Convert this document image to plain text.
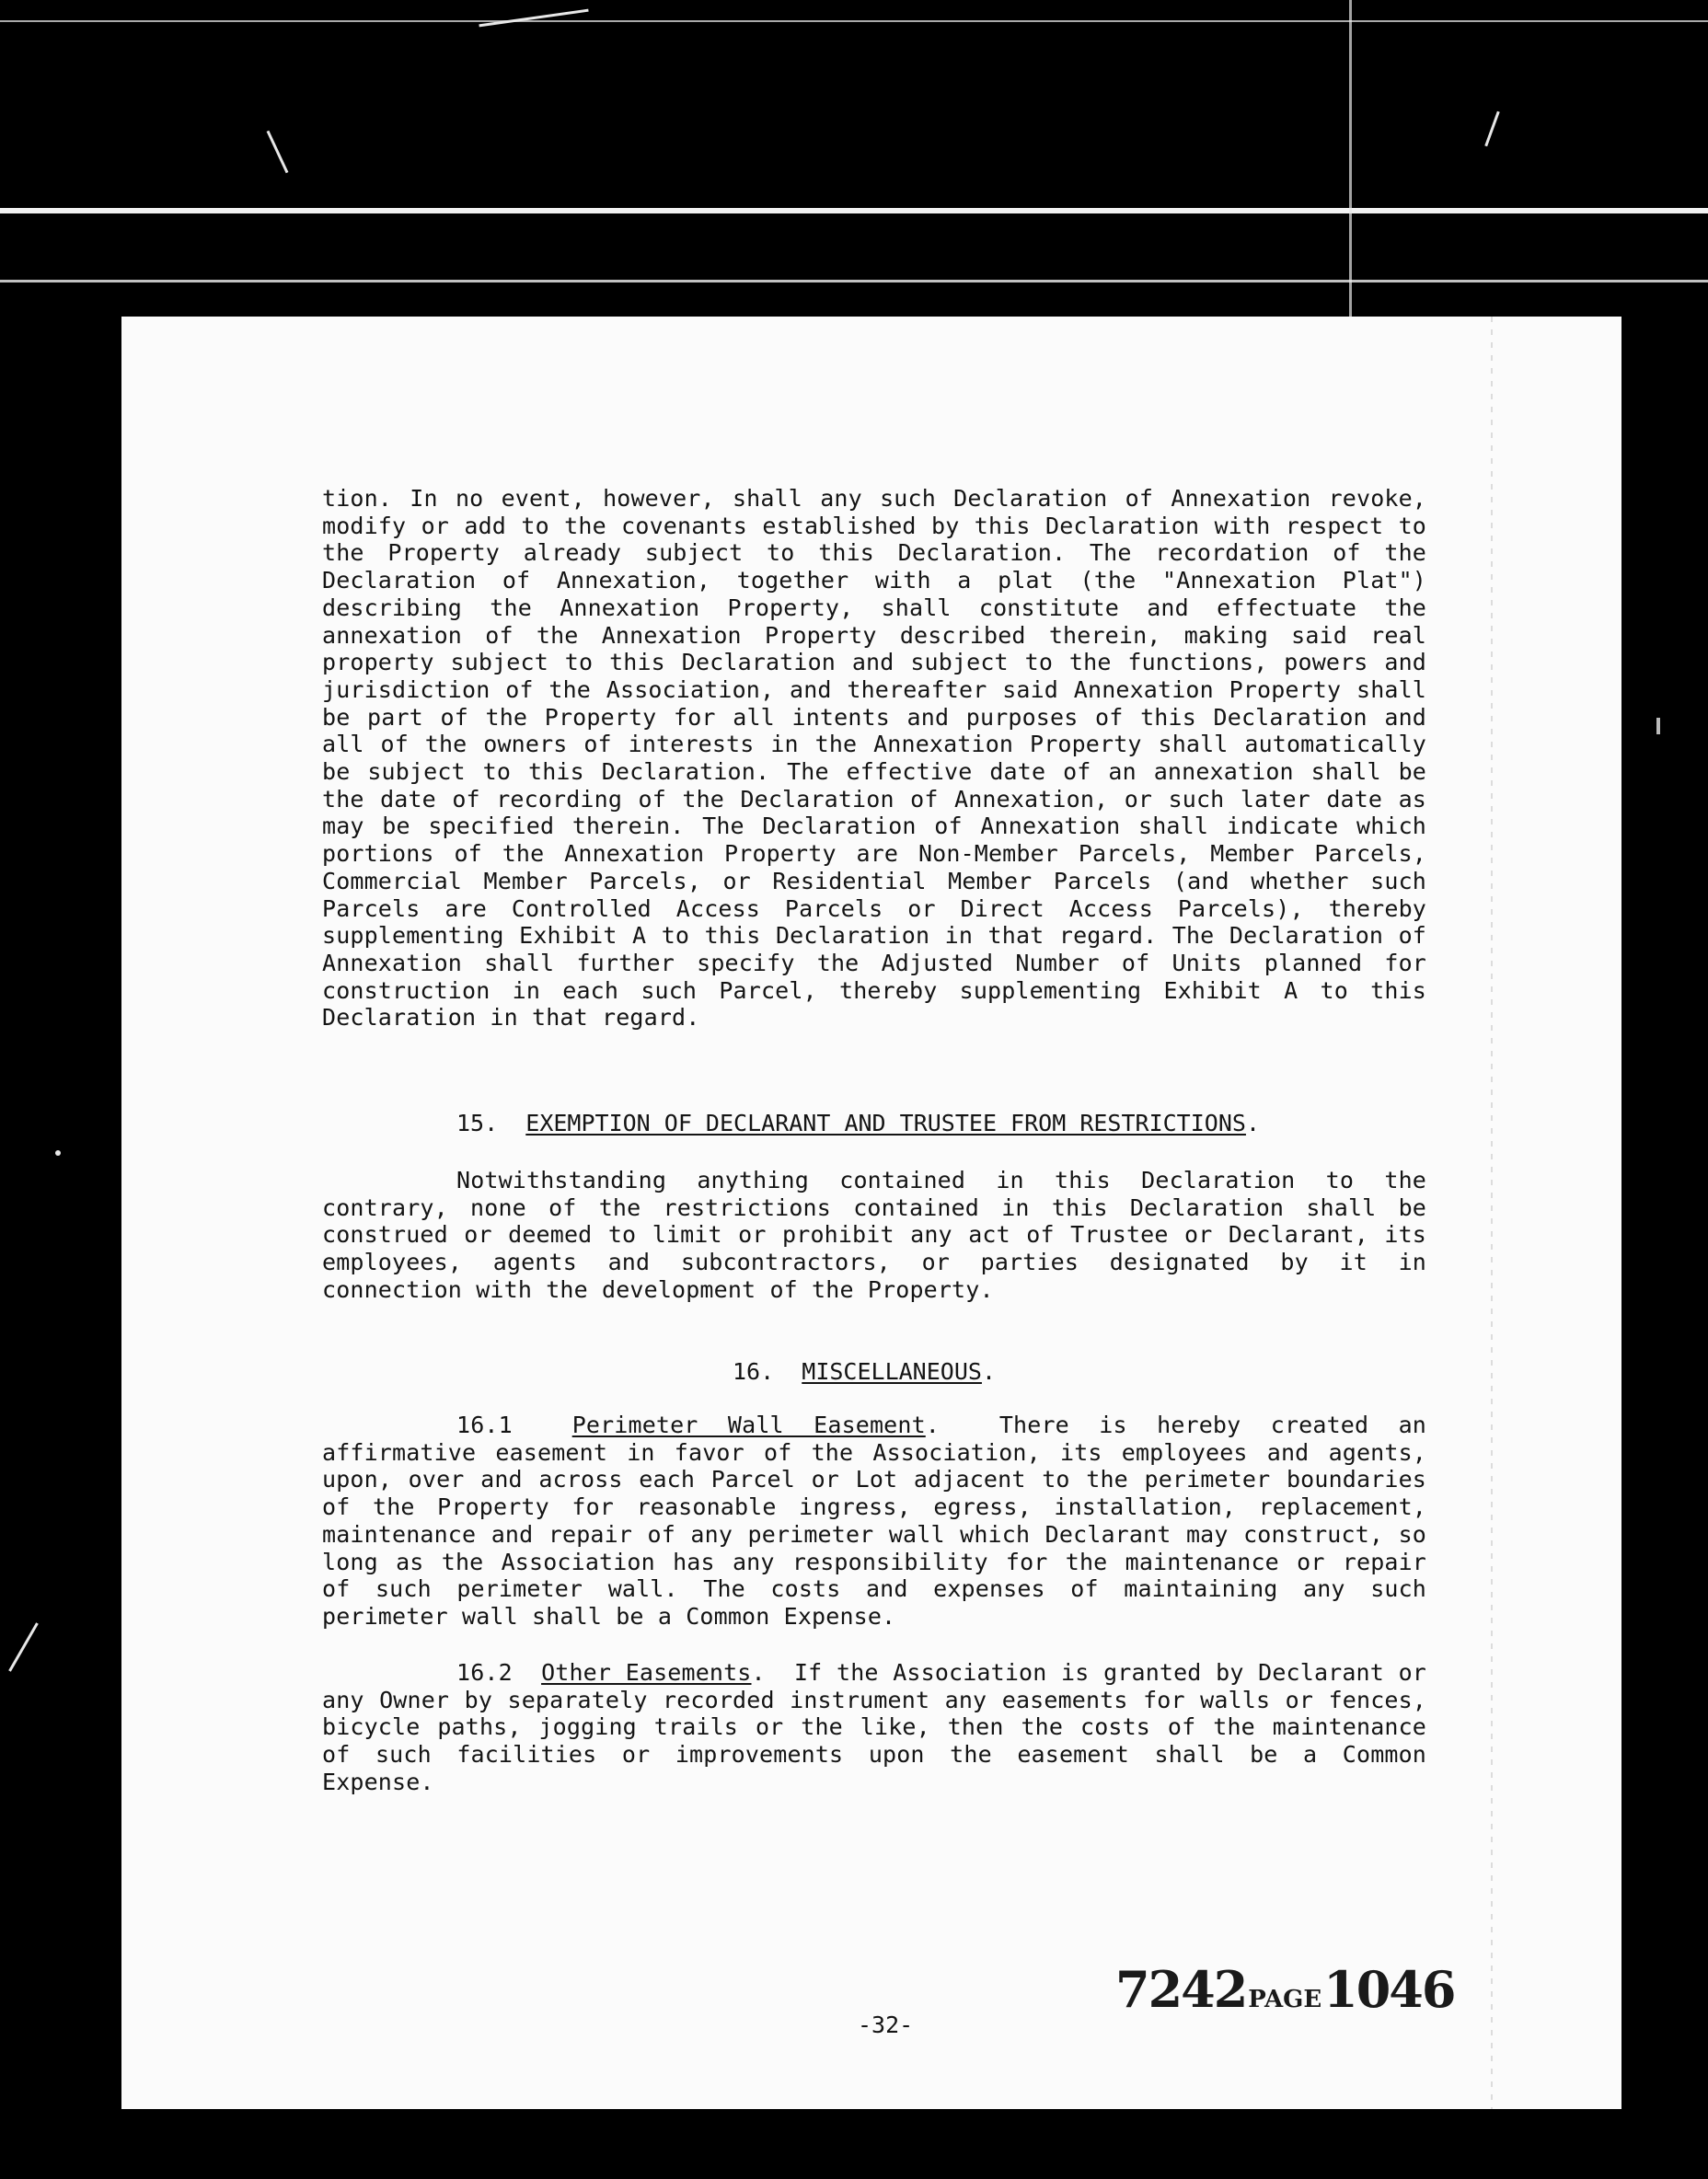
tion. In no event, however, shall any such Declaration of Annexation revoke, modify or add to the covenants established by this Declaration with respect to the Property already subject to this Declaration. The recordation of the Declaration of Annexation, together with a plat (the "Annexation Plat") describing the Annexation Property, shall constitute and effectuate the annexation of the Annexation Property described therein, making said real property subject to this Declaration and subject to the functions, powers and jurisdiction of the Association, and thereafter said Annexation Property shall be part of the Property for all intents and purposes of this Declaration and all of the owners of interests in the Annexation Property shall automatically be subject to this Declaration. The effective date of an annexation shall be the date of recording of the Declaration of Annexation, or such later date as may be specified therein. The Declaration of Annexation shall indicate which portions of the Annexation Property are Non-Member Parcels, Member Parcels, Commercial Member Parcels, or Residential Member Parcels (and whether such Parcels are Controlled Access Parcels or Direct Access Parcels), thereby supplementing Exhibit A to this Declaration in that regard. The Declaration of Annexation shall further specify the Adjusted Number of Units planned for construction in each such Parcel, thereby supplementing Exhibit A to this Declaration in that regard.

15. EXEMPTION OF DECLARANT AND TRUSTEE FROM RESTRICTIONS.

Notwithstanding anything contained in this Declaration to the contrary, none of the restrictions contained in this Declaration shall be construed or deemed to limit or prohibit any act of Trustee or Declarant, its employees, agents and subcontractors, or parties designated by it in connection with the development of the Property.

16. MISCELLANEOUS.

16.1	Perimeter Wall Easement.	There is hereby created an affirmative easement in favor of the Association, its employees and agents, upon, over and across each Parcel or Lot adjacent to the perimeter boundaries of the Property for reasonable ingress, egress, installation, replacement, maintenance and repair of any perimeter wall which Declarant may construct, so long as the Association has any responsibility for the maintenance or repair of such perimeter wall. The costs and expenses of maintaining any such perimeter wall shall be a Common Expense.

16.2 Other Easements. If the Association is granted by Declarant or any Owner by separately recorded instrument any easements for walls or fences, bicycle paths, jogging trails or the like, then the costs of the maintenance of such facilities or improvements upon the easement shall be a Common Expense.

7242PAGE1046
-32-
